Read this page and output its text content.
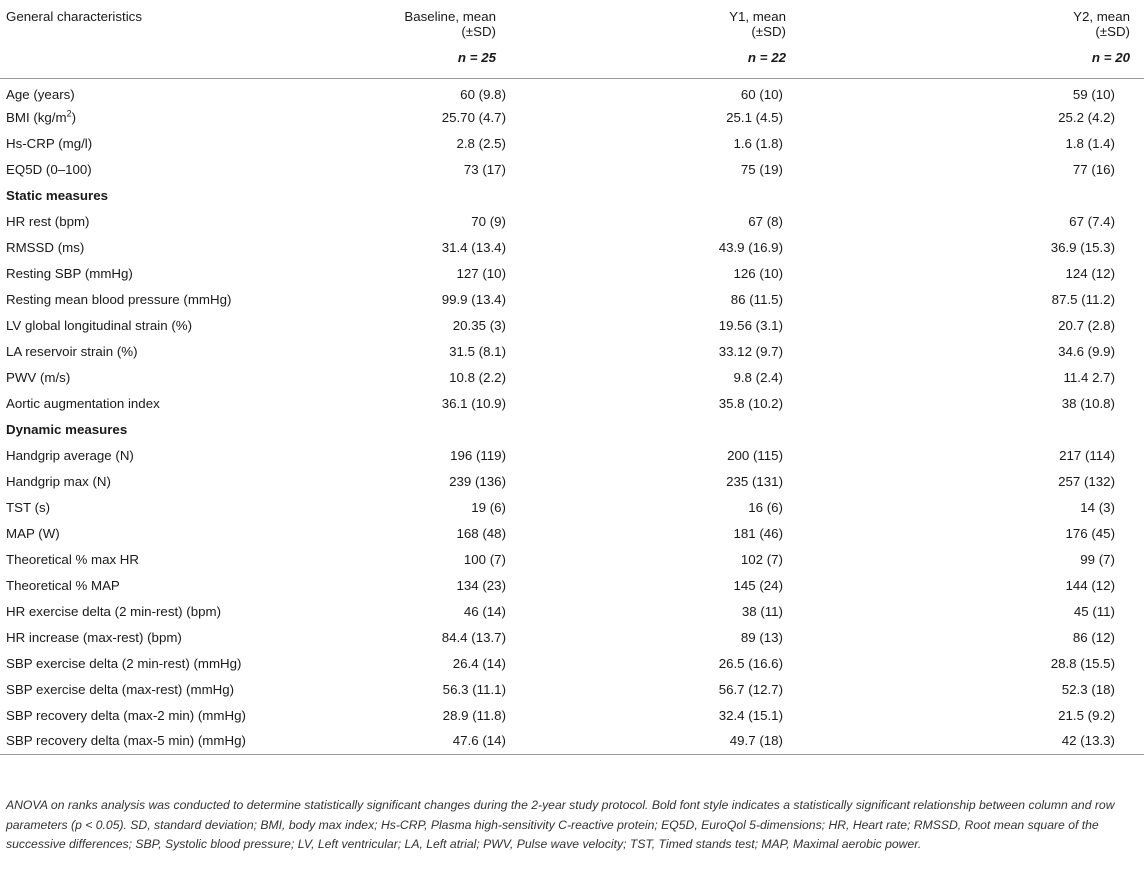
General characteristics	Baseline, mean	Y1, mean	Y2, mean
	(±SD)	(±SD)	(±SD)
	n = 25	n = 22	n = 20
Age (years)	60 (9.8)	60 (10)	59 (10)
BMI $(kg/m^2)$	25.70 (4.7)	25.1 (4.5)	25.2 (4.2)
Hs-CRP (mg/l)	2.8 (2.5)	1.6 (1.8)	1.8 (1.4)
EQ5D (0–100)	73 (17)	75 (19)	77 (16)
Static measures			
HR rest (bpm)	70 (9)	67 (8)	67 (7.4)
RMSSD (ms)	31.4 (13.4)	43.9 (16.9)	36.9 (15.3)
Resting SBP (mmHg)	127 (10)	126 (10)	124 (12)
Resting mean blood pressure (mmHg)	99.9 (13.4)	86 (11.5)	87.5 (11.2)
LV global longitudinal strain (%)	20.35 (3)	19.56 (3.1)	20.7 (2.8)
LA reservoir strain (%)	31.5 (8.1)	33.12 (9.7)	34.6 (9.9)
PWV (m/s)	10.8 (2.2)	9.8 (2.4)	11.4 2.7)
Aortic augmentation index	36.1 (10.9)	35.8 (10.2)	38 (10.8)
Dynamic measures			
Handgrip average (N)	196 (119)	200 (115)	217 (114)
Handgrip max (N)	239 (136)	235 (131)	257 (132)
TST (s)	19 (6)	16 (6)	14 (3)
MAP (W)	168 (48)	181 (46)	176 (45)
Theoretical % max HR	100 (7)	102 (7)	99 (7)
Theoretical % MAP	134 (23)	145 (24)	144 (12)
HR exercise delta (2 min-rest) (bpm)	46 (14)	38 (11)	45 (11)
HR increase (max-rest) (bpm)	84.4 (13.7)	89 (13)	86 (12)
SBP exercise delta (2 min-rest) (mmHg)	26.4 (14)	26.5 (16.6)	28.8 (15.5)
SBP exercise delta (max-rest) (mmHg)	56.3 (11.1)	56.7 (12.7)	52.3 (18)
SBP recovery delta (max-2 min) (mmHg)	28.9 (11.8)	32.4 (15.1)	21.5 (9.2)
SBP recovery delta (max-5 min) (mmHg)	47.6 (14)	49.7 (18)	42 (13.3)
ANOVA on ranks analysis was conducted to determine statistically significant changes during the 2-year study protocol. Bold font style indicates a statistically significant relationship between column and row parameters (p < 0.05). SD, standard deviation; BMI, body max index; Hs-CRP, Plasma high-sensitivity C-reactive protein; EQ5D, EuroQol 5-dimensions; HR, Heart rate; RMSSD, Root mean square of the successive differences; SBP, Systolic blood pressure; LV, Left ventricular; LA, Left atrial; PWV, Pulse wave velocity; TST, Timed stands test; MAP, Maximal aerobic power.
